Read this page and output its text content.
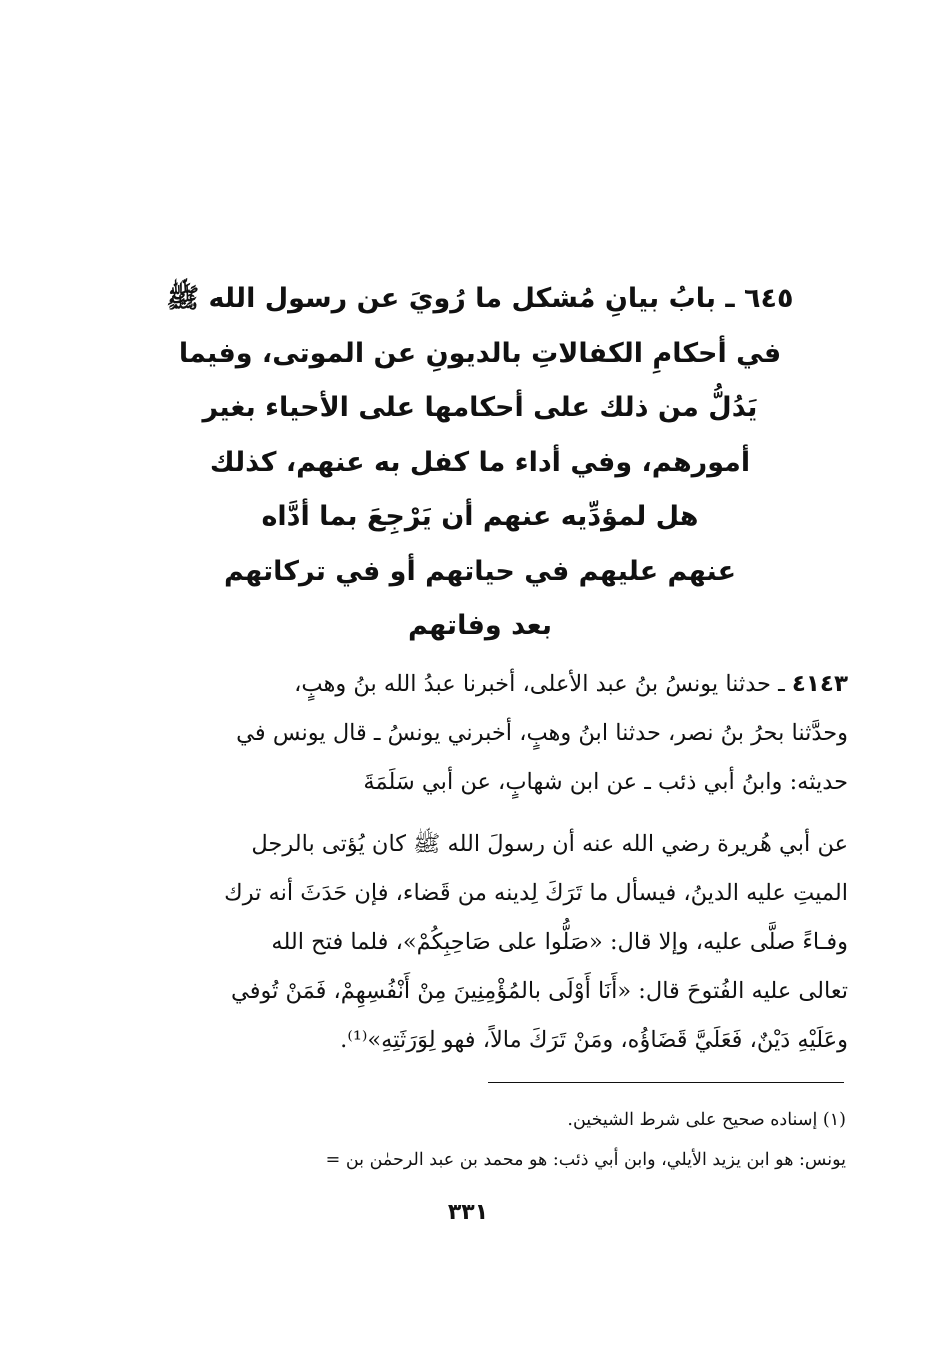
٦٤٥ ـ بابُ بيانِ مُشكل ما رُويَ عن رسول الله ﷺ
في أحكامِ الكفالاتِ بالديونِ عن الموتى، وفيما
يَدُلُّ من ذلك على أحكامها على الأحياء بغير
أمورهم، وفي أداء ما كفل به عنهم، كذلك
هل لمؤدِّيه عنهم أن يَرْجِعَ بما أدَّاه
عنهم عليهم في حياتهم أو في تركاتهم
بعد وفاتهم
٤١٤٣ ـ حدثنا يونسُ بنُ عبد الأعلى، أخبرنا عبدُ الله بنُ وهبٍ،
وحدَّثنا بحرُ بنُ نصر، حدثنا ابنُ وهبٍ، أخبرني يونسُ ـ قال يونس في
حديثه: وابنُ أبي ذئب ـ عن ابن شهابٍ، عن أبي سَلَمَةَ
عن أبي هُريرة رضي الله عنه أن رسولَ الله ﷺ كان يُؤتى بالرجل
الميتِ عليه الدينُ، فيسأل ما تَرَكَ لِدينه من قَضاء، فإن حَدَثَ أنه ترك
وفـاءً صلَّى عليه، وإلا قال: «صَلُّوا على صَاحِبِكُمْ»، فلما فتح الله
تعالى عليه الفُتوحَ قال: «أَنَا أَوْلَى بالمُؤْمِنِينَ مِنْ أَنْفُسِهِمْ، فَمَنْ تُوفي
وعَلَيْهِ دَيْنٌ، فَعَلَيَّ قَضَاؤُه، ومَنْ تَرَكَ مالاً، فهو لِوَرَثَتِهِ»⁽¹⁾.
(١) إسناده صحيح على شرط الشيخين.
يونس: هو ابن يزيد الأيلي، وابن أبي ذئب: هو محمد بن عبد الرحمٰن بن =
٣٣١
